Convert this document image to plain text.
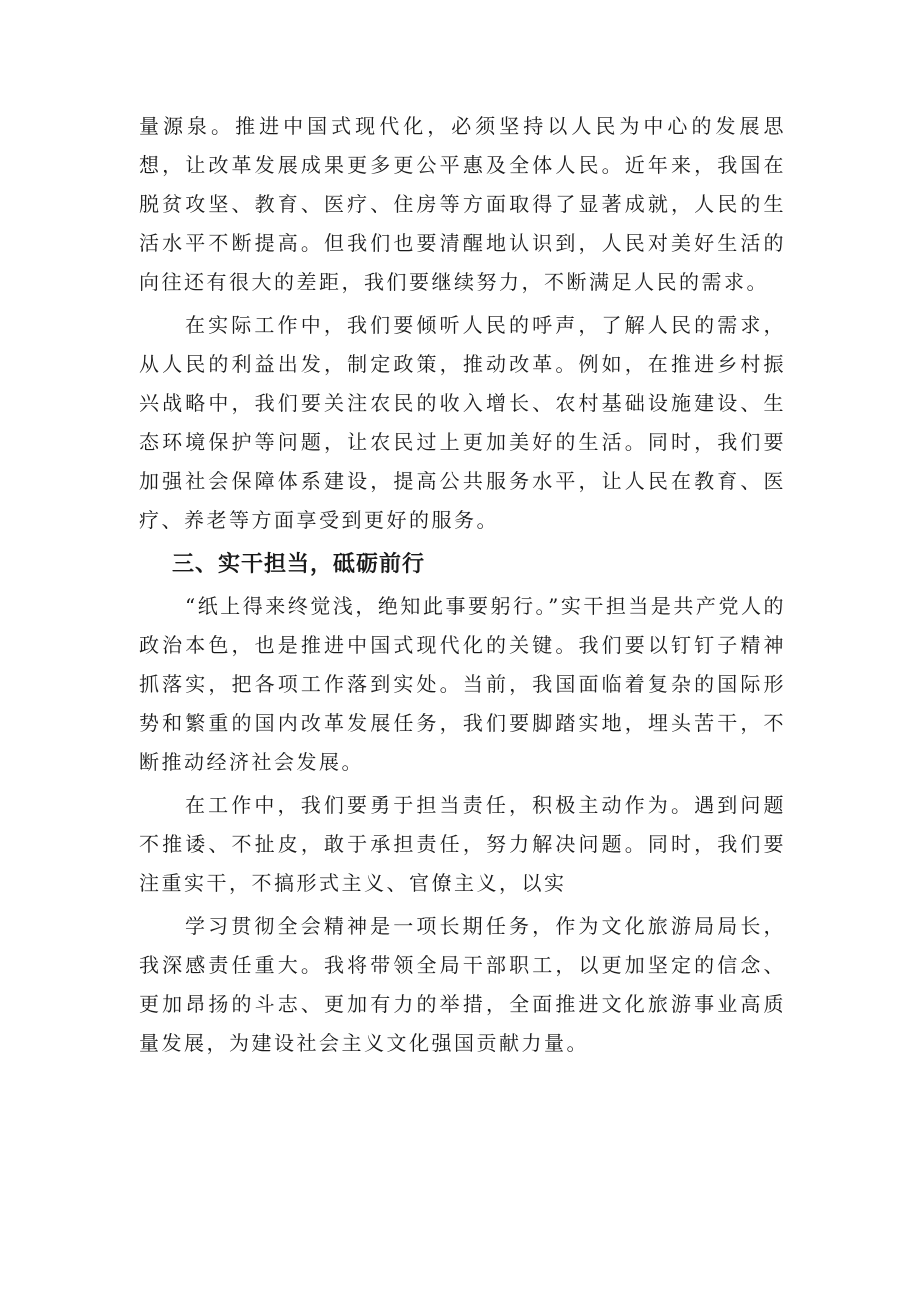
量源泉。推进中国式现代化，必须坚持以人民为中心的发展思想，让改革发展成果更多更公平惠及全体人民。近年来，我国在脱贫攻坚、教育、医疗、住房等方面取得了显著成就，人民的生活水平不断提高。但我们也要清醒地认识到，人民对美好生活的向往还有很大的差距，我们要继续努力，不断满足人民的需求。

在实际工作中，我们要倾听人民的呼声，了解人民的需求，从人民的利益出发，制定政策，推动改革。例如，在推进乡村振兴战略中，我们要关注农民的收入增长、农村基础设施建设、生态环境保护等问题，让农民过上更加美好的生活。同时，我们要加强社会保障体系建设，提高公共服务水平，让人民在教育、医疗、养老等方面享受到更好的服务。

三、实干担当，砥砺前行

“纸上得来终觉浅，绝知此事要躬行。”实干担当是共产党人的政治本色，也是推进中国式现代化的关键。我们要以钉钉子精神抓落实，把各项工作落到实处。当前，我国面临着复杂的国际形势和繁重的国内改革发展任务，我们要脚踏实地，埋头苦干，不断推动经济社会发展。

在工作中，我们要勇于担当责任，积极主动作为。遇到问题不推诿、不扯皮，敢于承担责任，努力解决问题。同时，我们要注重实干，不搞形式主义、官僚主义，以实

学习贯彻全会精神是一项长期任务，作为文化旅游局局长，我深感责任重大。我将带领全局干部职工，以更加坚定的信念、更加昂扬的斗志、更加有力的举措，全面推进文化旅游事业高质量发展，为建设社会主义文化强国贡献力量。
